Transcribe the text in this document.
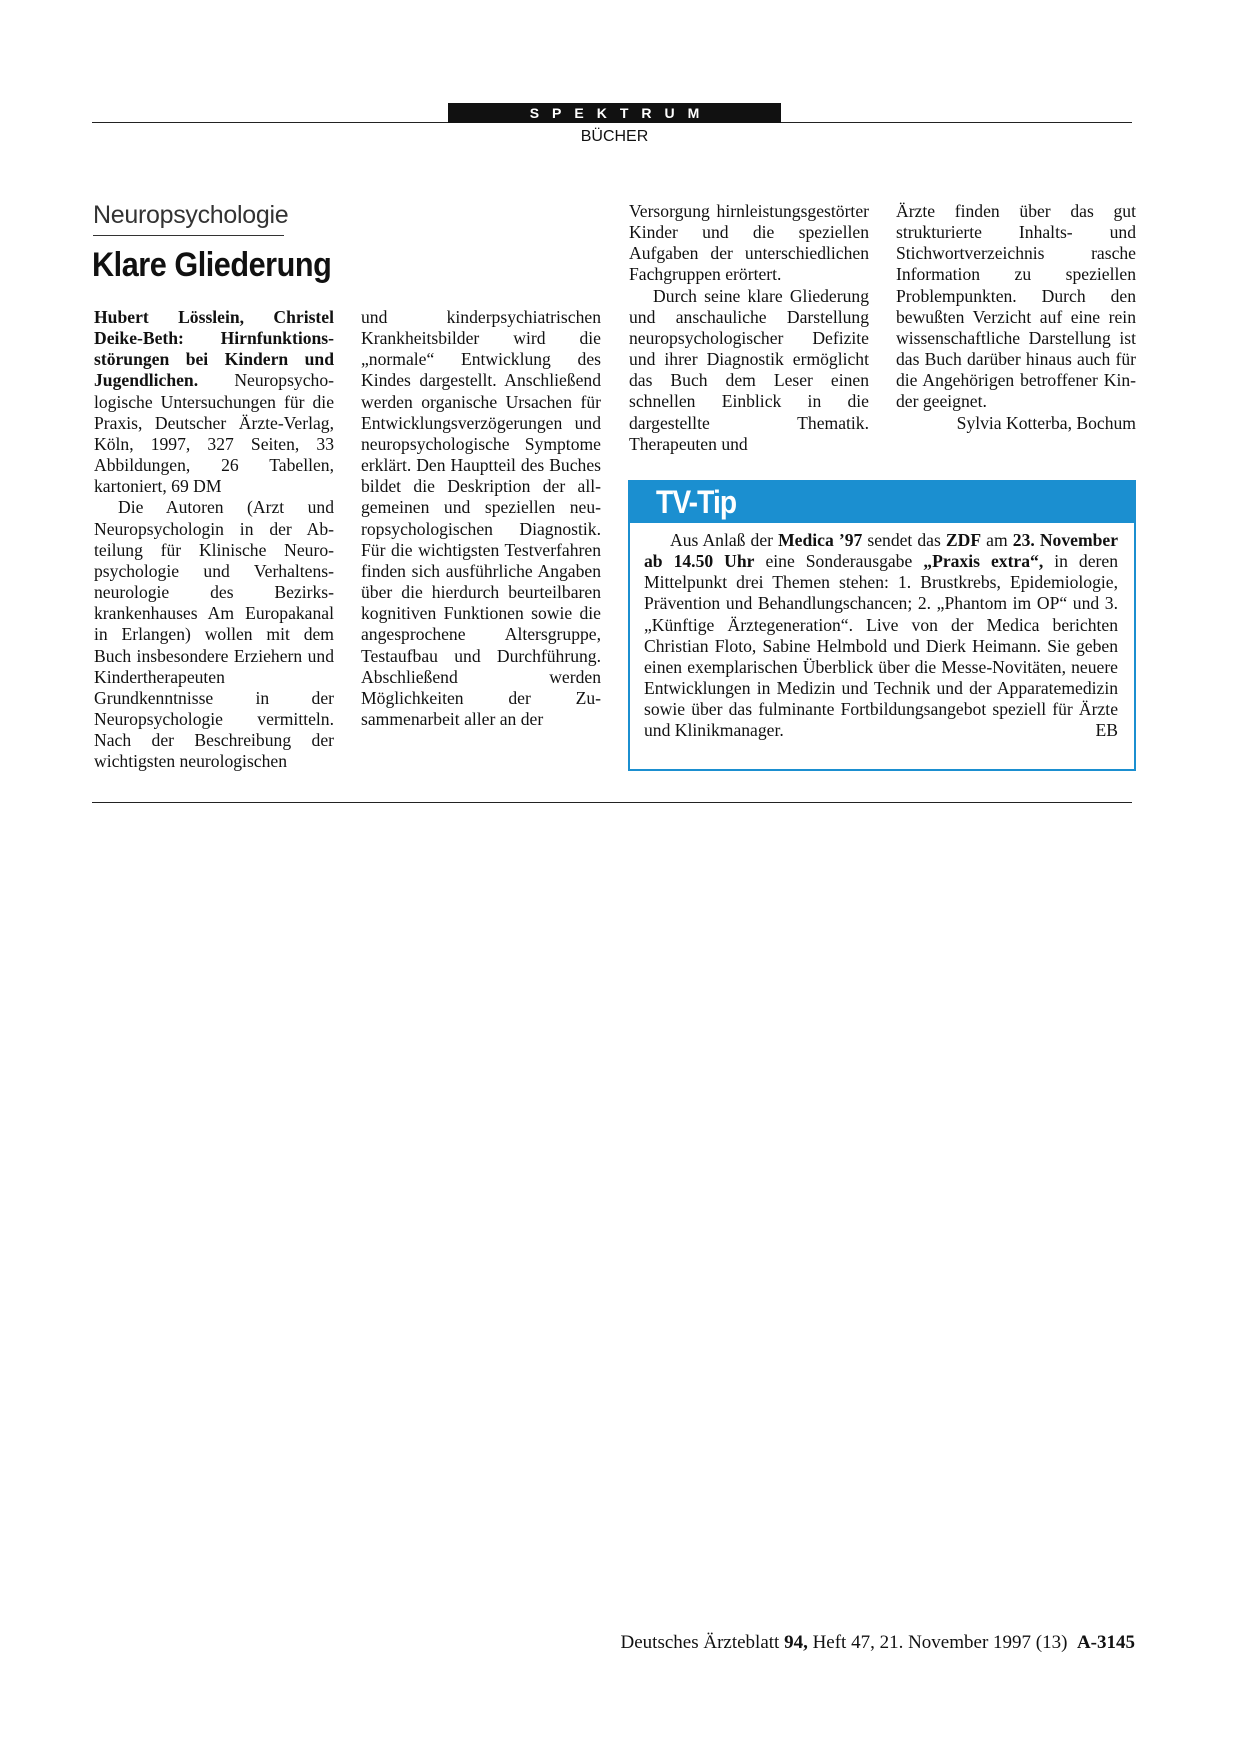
SPEKTRUM
BÜCHER
Neuropsychologie
Klare Gliederung

Hubert Lösslein, Christel Deike-Beth: Hirnfunktionsstörungen bei Kindern und Jugendlichen. Neuropsychologische Untersuchungen für die Praxis, Deutscher Ärzte-Verlag, Köln, 1997, 327 Seiten, 33 Abbildungen, 26 Tabellen, kartoniert, 69 DM

Die Autoren (Arzt und Neuropsychologin in der Abteilung für Klinische Neuropsychologie und Verhaltensneurologie des Bezirkskrankenhauses Am Europakanal in Erlangen) wollen mit dem Buch insbesondere Erziehern und Kindertherapeuten Grundkenntnisse in der Neuropsychologie vermitteln. Nach der Beschreibung der wichtigsten neurologischen

und kinderpsychiatrischen Krankheitsbilder wird die „normale“ Entwicklung des Kindes dargestellt. Anschließend werden organische Ursachen für Entwicklungsverzögerungen und neuropsychologische Symptome erklärt. Den Hauptteil des Buches bildet die Deskription der allgemeinen und speziellen neuropsychologischen Diagnostik. Für die wichtigsten Testverfahren finden sich ausführliche Angaben über die hierdurch beurteilbaren kognitiven Funktionen sowie die angesprochene Altersgruppe, Testaufbau und Durchführung. Abschließend werden Möglichkeiten der Zusammenarbeit aller an der

Versorgung hirnleistungsgestörter Kinder und die speziellen Aufgaben der unterschiedlichen Fachgruppen erörtert.

Durch seine klare Gliederung und anschauliche Darstellung neuropsychologischer Defizite und ihrer Diagnostik ermöglicht das Buch dem Leser einen schnellen Einblick in die dargestellte Thematik. Therapeuten und

Ärzte finden über das gut strukturierte Inhalts- und Stichwortverzeichnis rasche Information zu speziellen Problempunkten. Durch den bewußten Verzicht auf eine rein wissenschaftliche Darstellung ist das Buch darüber hinaus auch für die Angehörigen betroffener Kinder geeignet.

Sylvia Kotterba, Bochum

TV-Tip

Aus Anlaß der Medica ’97 sendet das ZDF am 23. November ab 14.50 Uhr eine Sonderausgabe „Praxis extra“, in deren Mittelpunkt drei Themen stehen: 1. Brustkrebs, Epidemiologie, Prävention und Behandlungschancen; 2. „Phantom im OP“ und 3. „Künftige Ärztegeneration“. Live von der Medica berichten Christian Floto, Sabine Helmbold und Dierk Heimann. Sie geben einen exemplarischen Überblick über die Messe-Novitäten, neuere Entwicklungen in Medizin und Technik und der Apparatemedizin sowie über das fulminante Fortbildungsangebot speziell für Ärzte und Klinikmanager.	EB

Deutsches Ärzteblatt 94, Heft 47, 21. November 1997 (13)  A-3145
